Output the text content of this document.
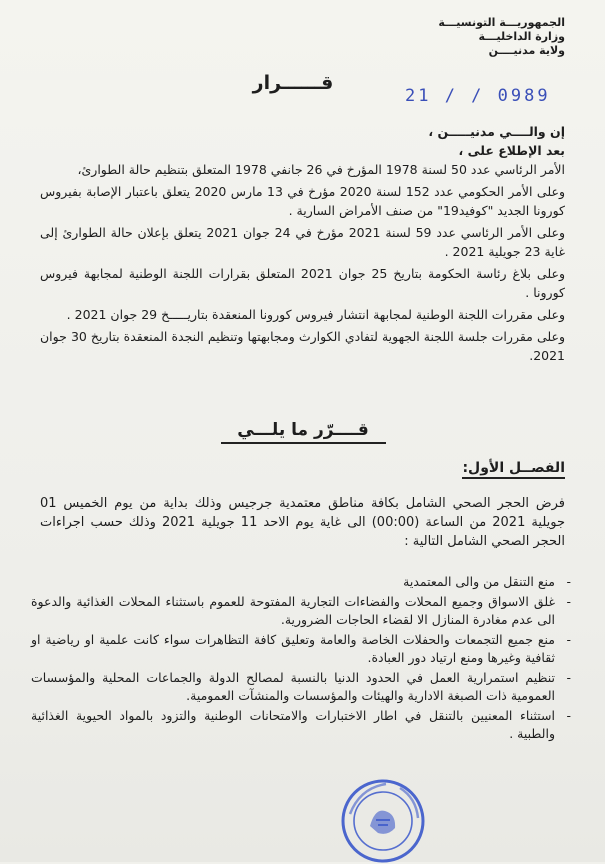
الجمهوريـــة التونسيـــة
وزارة الداخليـــة
ولاية مدنيــــن
قــــــرار
21 / / 0989
إن والــــي مدنيـــــن ،
بعد الإطلاع على ،

الأمر الرئاسي عدد 50 لسنة 1978 المؤرخ في 26 جانفي 1978 المتعلق بتنظيم حالة الطوارئ،

وعلى الأمر الحكومي عدد 152 لسنة 2020 مؤرخ في 13 مارس 2020 يتعلق باعتبار الإصابة بفيروس كورونا الجديد "كوفيد19" من صنف الأمراض السارية .

وعلى الأمر الرئاسي عدد 59 لسنة 2021 مؤرخ في 24 جوان 2021 يتعلق بإعلان حالة الطوارئ إلى غاية 23 جويلية 2021 .

وعلى بلاغ رئاسة الحكومة بتاريخ 25 جوان 2021 المتعلق بقرارات اللجنة الوطنية لمجابهة فيروس كورونا .

وعلى مقررات اللجنة الوطنية لمجابهة انتشار فيروس كورونا المنعقدة بتاريـــــخ 29 جوان 2021 .

وعلى مقررات جلسة اللجنة الجهوية لتفادي الكوارث ومجابهتها وتنظيم النجدة المنعقدة بتاريخ 30 جوان 2021.

قــــرّر ما يلـــي
الفصــل الأول:

فرض الحجر الصحي الشامل بكافة مناطق معتمدية جرجيس وذلك بداية من يوم الخميس 01 جويلية 2021 من الساعة (00:00) الى غاية يوم الاحد 11 جويلية 2021 وذلك حسب اجراءات الحجر الصحي الشامل التالية :

-
منع التنقل من والى المعتمدية
-
غلق الاسواق وجميع المحلات والفضاءات التجارية المفتوحة للعموم باستثناء المحلات الغذائية والدعوة الى عدم مغادرة المنازل الا لقضاء الحاجات الضرورية.
-
منع جميع التجمعات والحفلات الخاصة والعامة وتعليق كافة التظاهرات سواء كانت علمية او رياضية او ثقافية وغيرها ومنع ارتياد دور العبادة.
-
تنظيم استمرارية العمل في الحدود الدنيا بالنسبة لمصالح الدولة والجماعات المحلية والمؤسسات العمومية ذات الصبغة الادارية والهيئات والمؤسسات والمنشآت العمومية.
-
استثناء المعنيين بالتنقل في اطار الاختبارات والامتحانات الوطنية والتزود بالمواد الحيوية الغذائية والطبية .
